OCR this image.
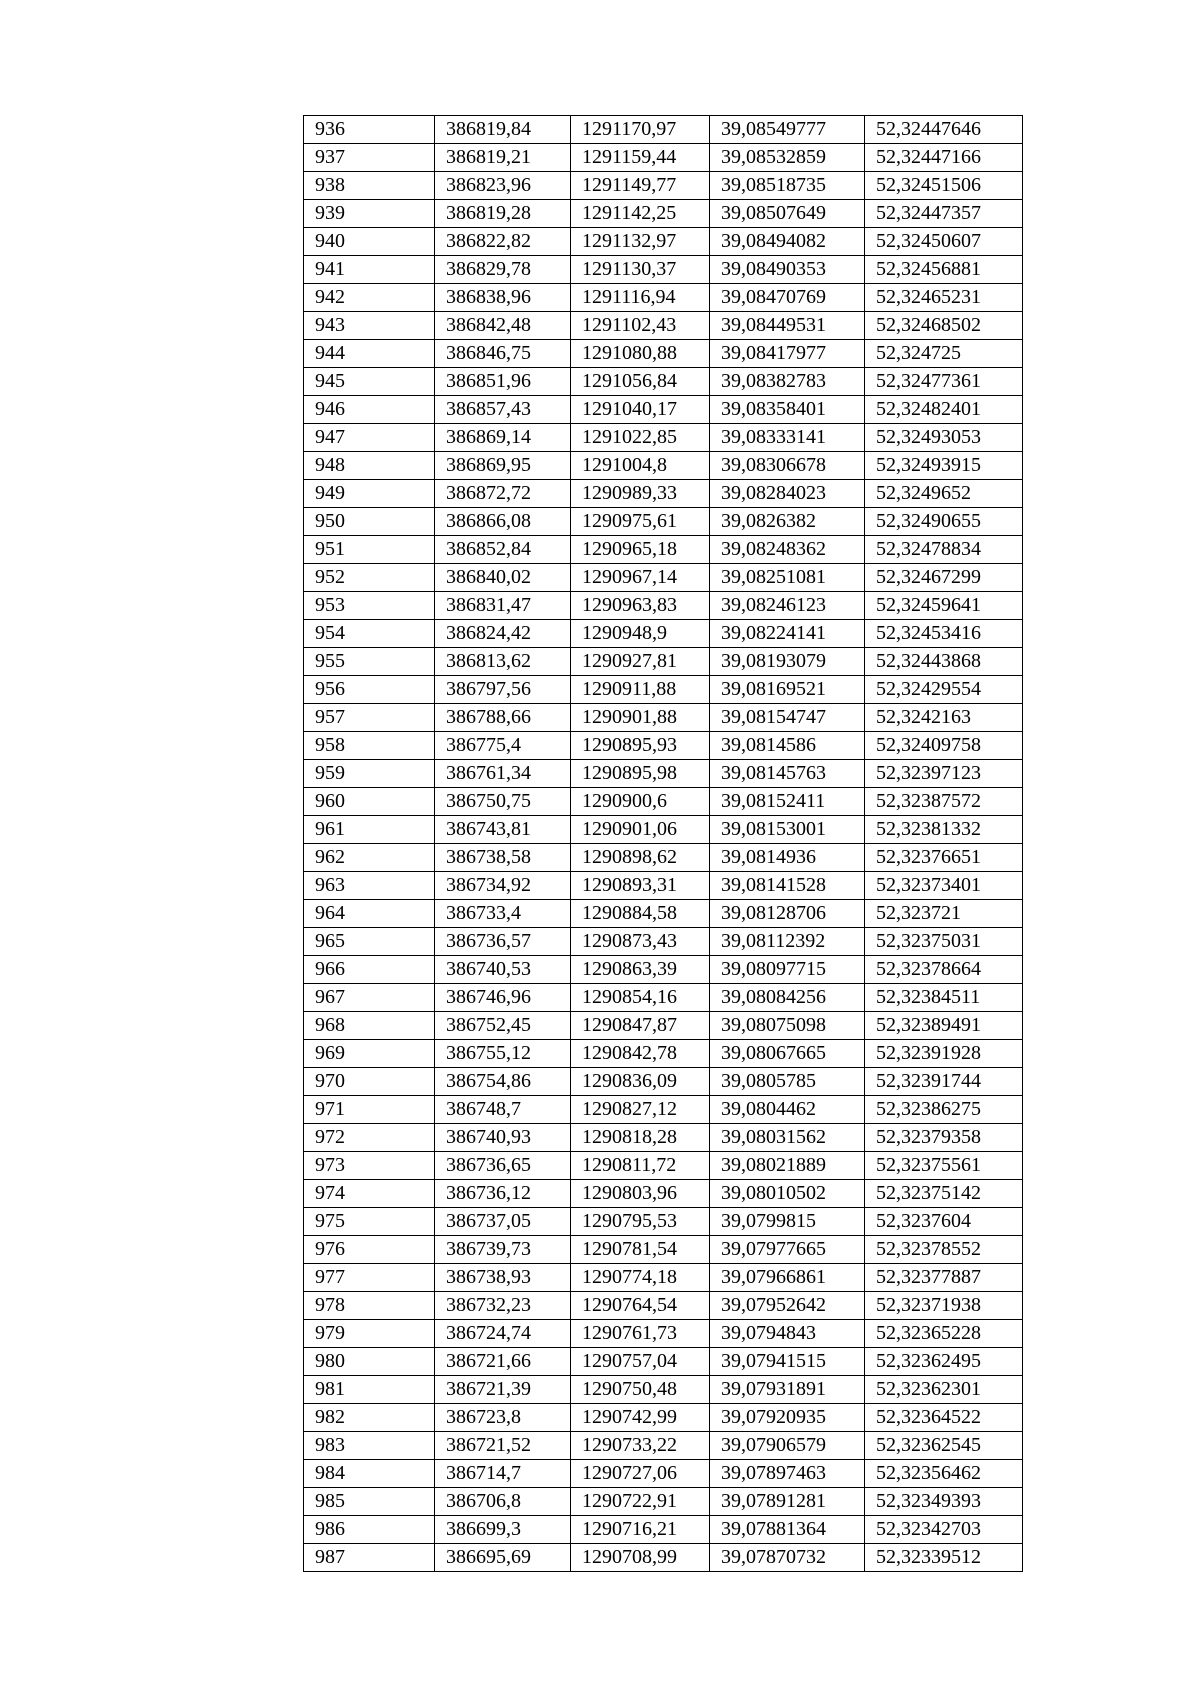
936	386819,84	1291170,97	39,08549777	52,32447646
937	386819,21	1291159,44	39,08532859	52,32447166
938	386823,96	1291149,77	39,08518735	52,32451506
939	386819,28	1291142,25	39,08507649	52,32447357
940	386822,82	1291132,97	39,08494082	52,32450607
941	386829,78	1291130,37	39,08490353	52,32456881
942	386838,96	1291116,94	39,08470769	52,32465231
943	386842,48	1291102,43	39,08449531	52,32468502
944	386846,75	1291080,88	39,08417977	52,324725
945	386851,96	1291056,84	39,08382783	52,32477361
946	386857,43	1291040,17	39,08358401	52,32482401
947	386869,14	1291022,85	39,08333141	52,32493053
948	386869,95	1291004,8	39,08306678	52,32493915
949	386872,72	1290989,33	39,08284023	52,3249652
950	386866,08	1290975,61	39,0826382	52,32490655
951	386852,84	1290965,18	39,08248362	52,32478834
952	386840,02	1290967,14	39,08251081	52,32467299
953	386831,47	1290963,83	39,08246123	52,32459641
954	386824,42	1290948,9	39,08224141	52,32453416
955	386813,62	1290927,81	39,08193079	52,32443868
956	386797,56	1290911,88	39,08169521	52,32429554
957	386788,66	1290901,88	39,08154747	52,3242163
958	386775,4	1290895,93	39,0814586	52,32409758
959	386761,34	1290895,98	39,08145763	52,32397123
960	386750,75	1290900,6	39,08152411	52,32387572
961	386743,81	1290901,06	39,08153001	52,32381332
962	386738,58	1290898,62	39,0814936	52,32376651
963	386734,92	1290893,31	39,08141528	52,32373401
964	386733,4	1290884,58	39,08128706	52,323721
965	386736,57	1290873,43	39,08112392	52,32375031
966	386740,53	1290863,39	39,08097715	52,32378664
967	386746,96	1290854,16	39,08084256	52,32384511
968	386752,45	1290847,87	39,08075098	52,32389491
969	386755,12	1290842,78	39,08067665	52,32391928
970	386754,86	1290836,09	39,0805785	52,32391744
971	386748,7	1290827,12	39,0804462	52,32386275
972	386740,93	1290818,28	39,08031562	52,32379358
973	386736,65	1290811,72	39,08021889	52,32375561
974	386736,12	1290803,96	39,08010502	52,32375142
975	386737,05	1290795,53	39,0799815	52,3237604
976	386739,73	1290781,54	39,07977665	52,32378552
977	386738,93	1290774,18	39,07966861	52,32377887
978	386732,23	1290764,54	39,07952642	52,32371938
979	386724,74	1290761,73	39,0794843	52,32365228
980	386721,66	1290757,04	39,07941515	52,32362495
981	386721,39	1290750,48	39,07931891	52,32362301
982	386723,8	1290742,99	39,07920935	52,32364522
983	386721,52	1290733,22	39,07906579	52,32362545
984	386714,7	1290727,06	39,07897463	52,32356462
985	386706,8	1290722,91	39,07891281	52,32349393
986	386699,3	1290716,21	39,07881364	52,32342703
987	386695,69	1290708,99	39,07870732	52,32339512
